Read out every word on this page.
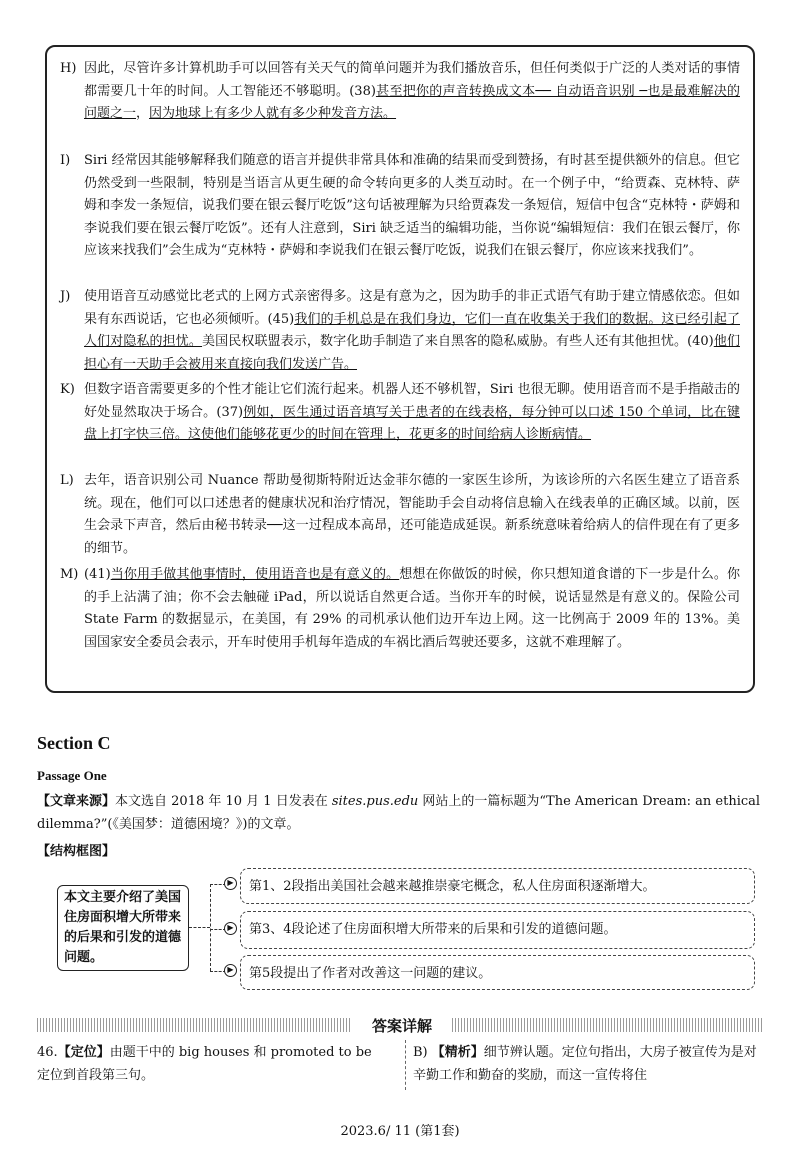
H) 因此，尽管许多计算机助手可以回答有关天气的简单问题并为我们播放音乐，但任何类似于广泛的人类对话的事情都需要几十年的时间。人工智能还不够聪明。(38)甚至把你的声音转换成文本── 自动语音识别 ─也是最难解决的问题之一，因为地球上有多少人就有多少种发音方法。
I) Siri 经常因其能够解释我们随意的语言并提供非常具体和准确的结果而受到赞扬，有时甚至提供额外的信息。但它仍然受到一些限制，特别是当语言从更生硬的命令转向更多的人类互动时。在一个例子中，“给贾森、克林特、萨姆和李发一条短信，说我们要在银云餐厅吃饭”这句话被理解为只给贾森发一条短信，短信中包含“克林特・萨姆和李说我们要在银云餐厅吃饭”。还有人注意到，Siri 缺乏适当的编辑功能，当你说“编辑短信：我们在银云餐厅，你应该来找我们”会生成为“克林特・萨姆和李说我们在银云餐厅吃饭，说我们在银云餐厅，你应该来找我们”。
J) 使用语音互动感觉比老式的上网方式亲密得多。这是有意为之，因为助手的非正式语气有助于建立情感依恋。但如果有东西说话，它也必须倾听。(45)我们的手机总是在我们身边，它们一直在收集关于我们的数据。这已经引起了人们对隐私的担忧。美国民权联盟表示，数字化助手制造了来自黑客的隐私威胁。有些人还有其他担忧。(40)他们担心有一天助手会被用来直接向我们发送广告。
K) 但数字语音需要更多的个性才能让它们流行起来。机器人还不够机智，Siri 也很无聊。使用语音而不是手指敲击的好处显然取决于场合。(37)例如，医生通过语音填写关于患者的在线表格，每分钟可以口述 150 个单词，比在键盘上打字快三倍。这使他们能够花更少的时间在管理上，花更多的时间给病人诊断病情。
L) 去年，语音识别公司 Nuance 帮助曼彻斯特附近达金菲尔德的一家医生诊所，为该诊所的六名医生建立了语音系统。现在，他们可以口述患者的健康状况和治疗情况，智能助手会自动将信息输入在线表单的正确区域。以前，医生会录下声音，然后由秘书转录──这一过程成本高昂，还可能造成延误。新系统意味着给病人的信件现在有了更多的细节。
M) (41)当你用手做其他事情时，使用语音也是有意义的。想想在你做饭的时候，你只想知道食谱的下一步是什么。你的手上沾满了油；你不会去触碰 iPad，所以说话自然更合适。当你开车的时候，说话显然是有意义的。保险公司 State Farm 的数据显示，在美国，有 29% 的司机承认他们边开车边上网。这一比例高于 2009 年的 13%。美国国家安全委员会表示，开车时使用手机每年造成的车祸比酒后驾驶还要多，这就不难理解了。
Section C
Passage One
【文章来源】本文选自 2018 年 10 月 1 日发表在 sites.pus.edu 网站上的一篇标题为“The American Dream: an ethical dilemma?”(《美国梦：道德困境？》)的文章。
【结构框图】
本文主要介绍了美国住房面积增大所带来的后果和引发的道德问题。
▶
▶
▶
第1、2段指出美国社会越来越推崇豪宅概念，私人住房面积逐渐增大。
第3、4段论述了住房面积增大所带来的后果和引发的道德问题。
第5段提出了作者对改善这一问题的建议。
答案详解
46.【定位】由题干中的 big houses 和 promoted to be 定位到首段第三句。
B) 【精析】细节辨认题。定位句指出，大房子被宣传为是对辛勤工作和勤奋的奖励，而这一宣传将住
2023.6/ 11 (第1套)
